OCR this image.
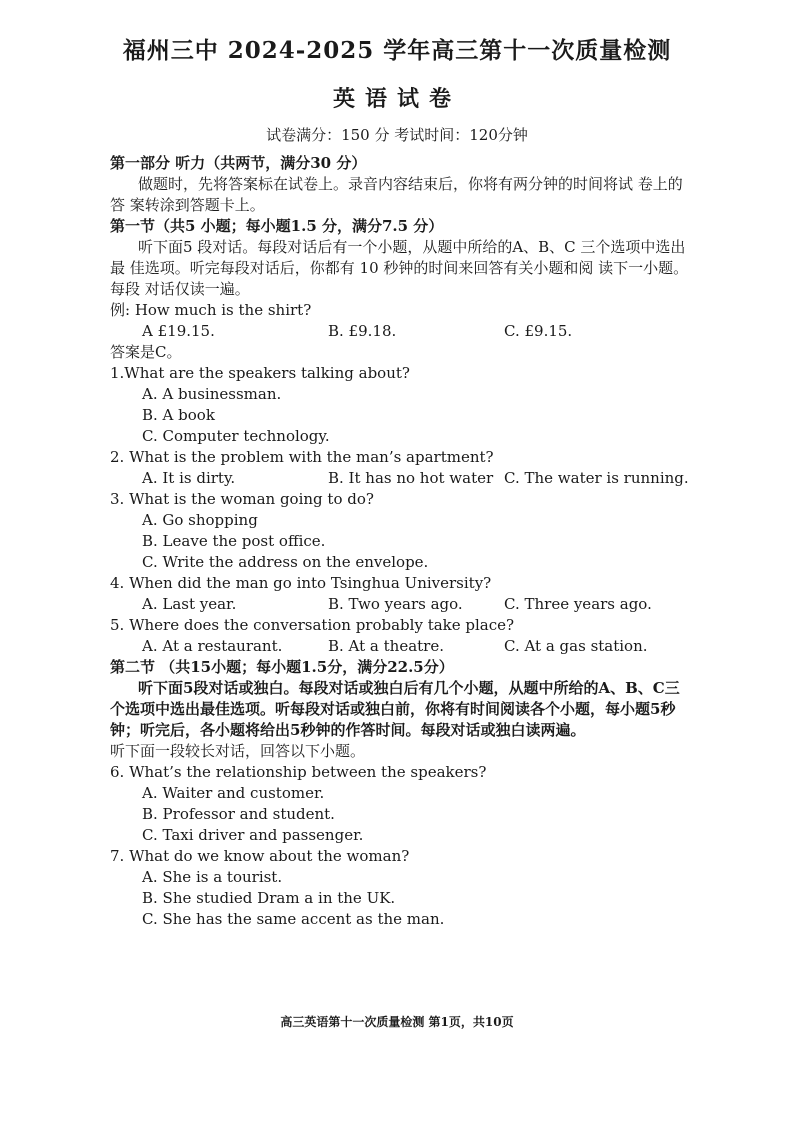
福州三中 2024-2025 学年高三第十一次质量检测
英语试卷
试卷满分：150 分 考试时间：120分钟
第一部分 听力（共两节，满分30 分）
做题时，先将答案标在试卷上。录音内容结束后，你将有两分钟的时间将试 卷上的答 案转涂到答题卡上。
第一节（共5 小题；每小题1.5 分，满分7.5 分）
听下面5 段对话。每段对话后有一个小题，从题中所给的A、B、C 三个选项中选出最 佳选项。听完每段对话后，你都有 10 秒钟的时间来回答有关小题和阅 读下一小题。每段 对话仅读一遍。
例: How much is the shirt?
A £19.15.	B. £9.18.	C. £9.15.
答案是C。
1.What are the speakers talking about?
A. A businessman.
B. A book
C. Computer technology.
2. What is the problem with the man’s apartment?
A. It is dirty.	B. It has no hot water C. The water is running.
3. What is the woman going to do?
A. Go shopping
B. Leave the post office.
C. Write the address on the envelope.
4. When did the man go into Tsinghua University?
A. Last year.	B. Two years ago.	C. Three years ago.
5. Where does the conversation probably take place?
A. At a restaurant.	B. At a theatre.	C. At a gas station.
第二节 （共15小题；每小题1.5分，满分22.5分）
听下面5段对话或独白。每段对话或独白后有几个小题，从题中所给的A、B、C三个选项中选出最佳选项。听每段对话或独白前，你将有时间阅读各个小题，每小题5秒钟；听完后，各小题将给出5秒钟的作答时间。每段对话或独白读两遍。
听下面一段较长对话，回答以下小题。
6. What’s the relationship between the speakers?
A. Waiter and customer.
B. Professor and student.
C. Taxi driver and passenger.
7. What do we know about the woman?
A. She is a tourist.
B. She studied Dram a in the UK.
C. She has the same accent as the man.
高三英语第十一次质量检测 第1页，共10页
